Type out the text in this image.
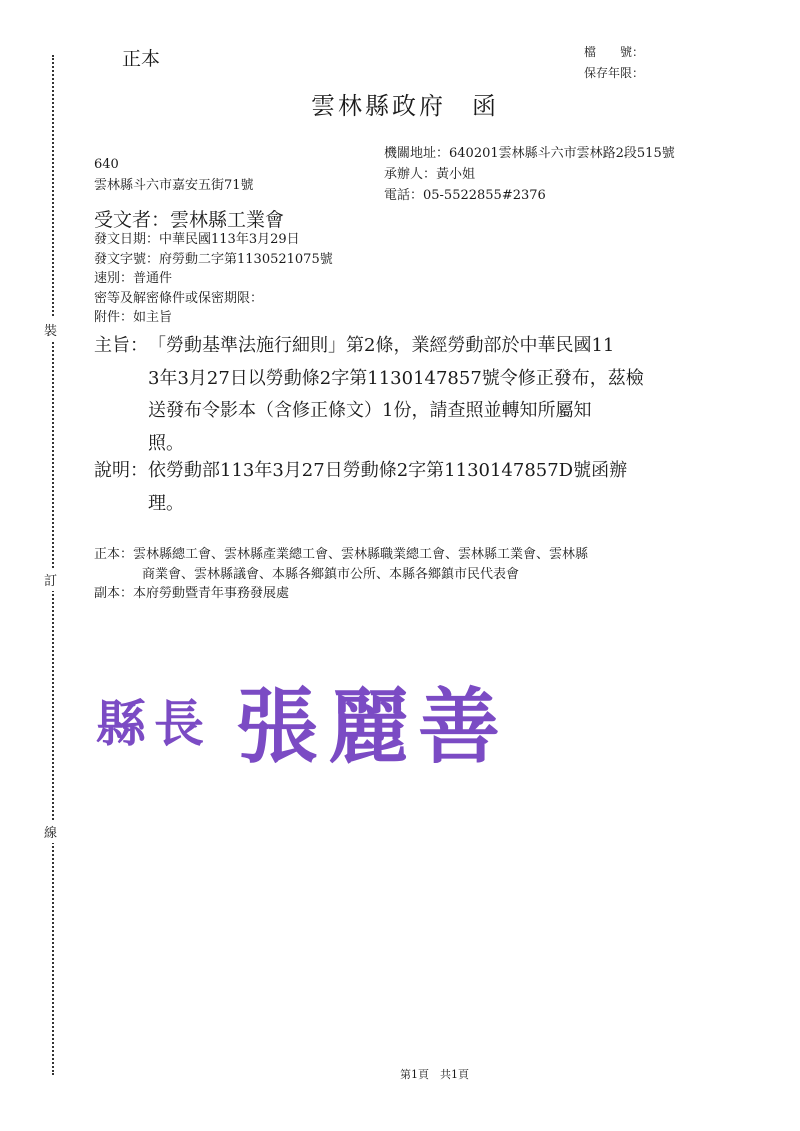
裝
訂
線
正本	檔　　號：
保存年限：
雲林縣政府 函
640
雲林縣斗六市嘉安五街71號
機關地址：640201雲林縣斗六市雲林路2段515號
承辦人：黃小姐
電話：05-5522855#2376
受文者：雲林縣工業會
發文日期：中華民國113年3月29日
發文字號：府勞動二字第1130521075號
速別：普通件
密等及解密條件或保密期限：
附件：如主旨
主旨：「勞動基準法施行細則」第2條，業經勞動部於中華民國11
3年3月27日以勞動條2字第1130147857號令修正發布，茲檢
送發布令影本（含修正條文）1份，請查照並轉知所屬知
照。
說明：依勞動部113年3月27日勞動條2字第1130147857D號函辦
理。
正本：雲林縣總工會、雲林縣產業總工會、雲林縣職業總工會、雲林縣工業會、雲林縣
商業會、雲林縣議會、本縣各鄉鎮市公所、本縣各鄉鎮市民代表會
副本：本府勞動暨青年事務發展處
縣 長 張 麗 善
第1頁　共1頁
